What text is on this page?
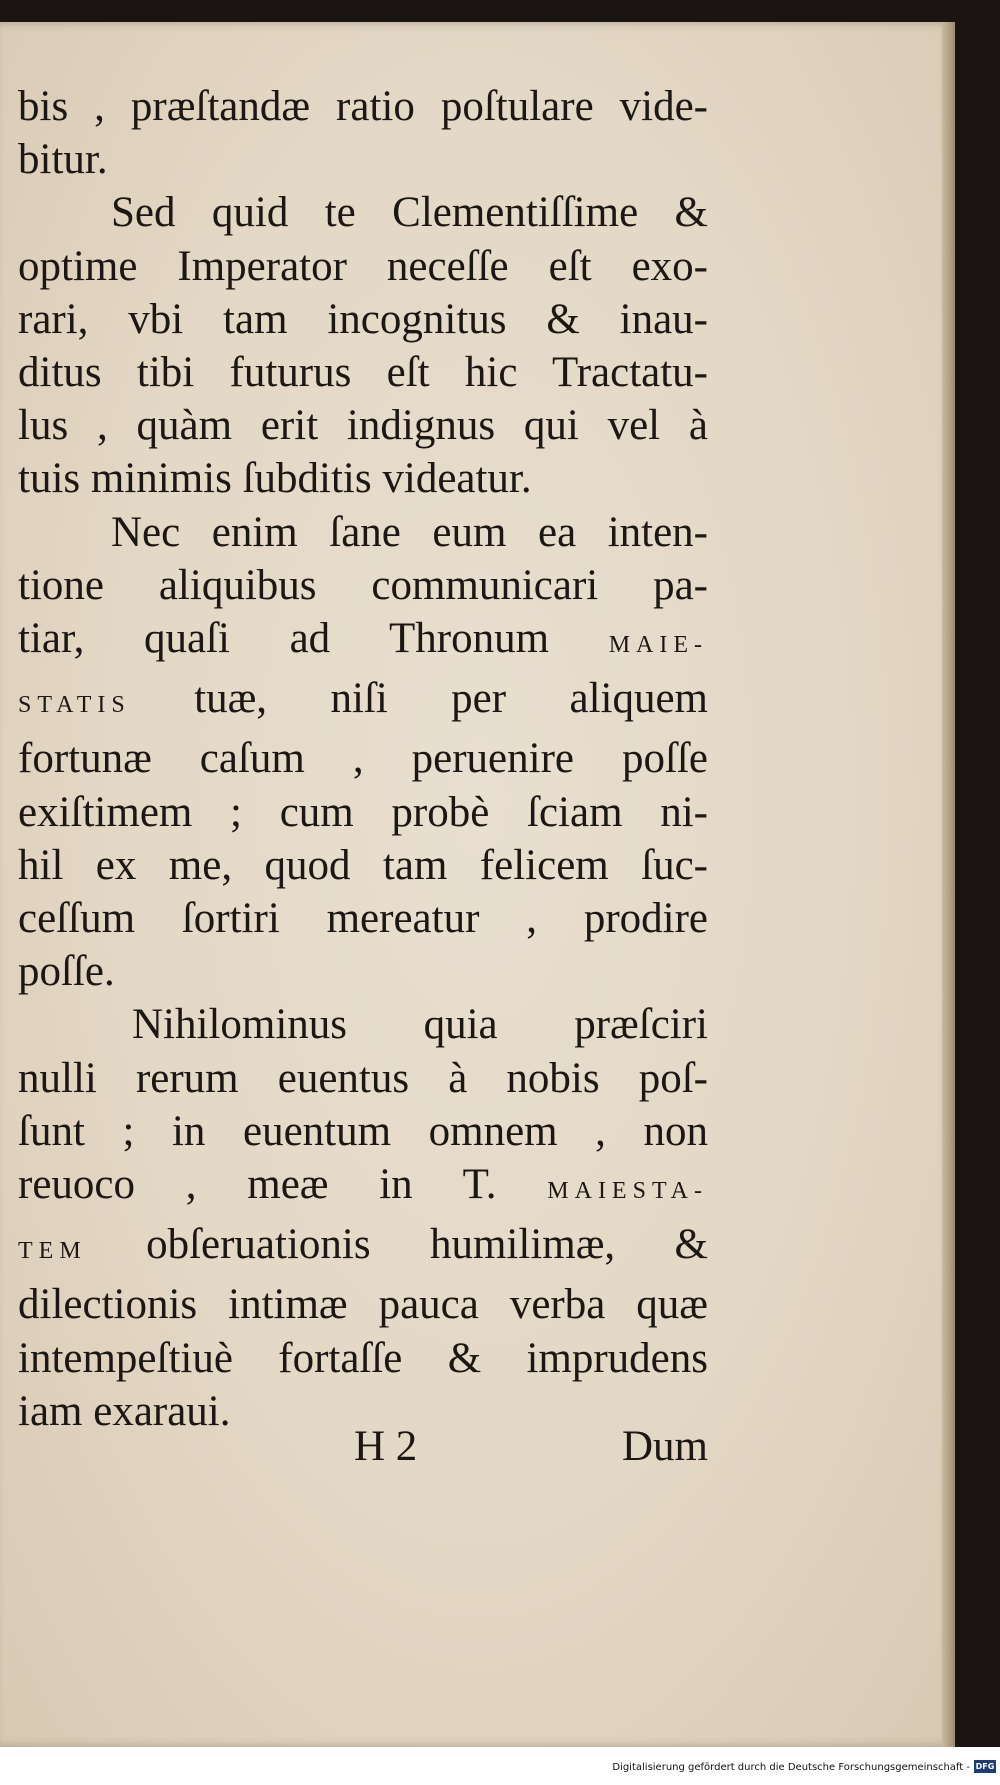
bis , præſtandæ ratio poſtulare vide-
bitur.
Sed quid te Clementiſſime &
optime Imperator neceſſe eſt exo-
rari, vbi tam incognitus & inau-
ditus tibi futurus eſt hic Tractatu-
lus , quàm erit indignus qui vel à
tuis minimis ſubditis videatur.
Nec enim ſane eum ea inten-
tione aliquibus communicari pa-
tiar, quaſi ad Thronum MAIE-
STATIS tuæ, niſi per aliquem
fortunæ caſum , peruenire poſſe
exiſtimem ; cum probè ſciam ni-
hil ex me, quod tam felicem ſuc-
ceſſum ſortiri mereatur , prodire
poſſe.
Nihilominus quia præſciri
nulli rerum euentus à nobis poſ-
ſunt ; in euentum omnem , non
reuoco , meæ in T. MAIESTA-
TEM obſeruationis humilimæ, &
dilectionis intimæ pauca verba quæ
intempeſtiuè fortaſſe & imprudens
iam exaraui.
H 2	Dum
Digitalisierung gefördert durch die Deutsche Forschungsgemeinschaft - DFG
